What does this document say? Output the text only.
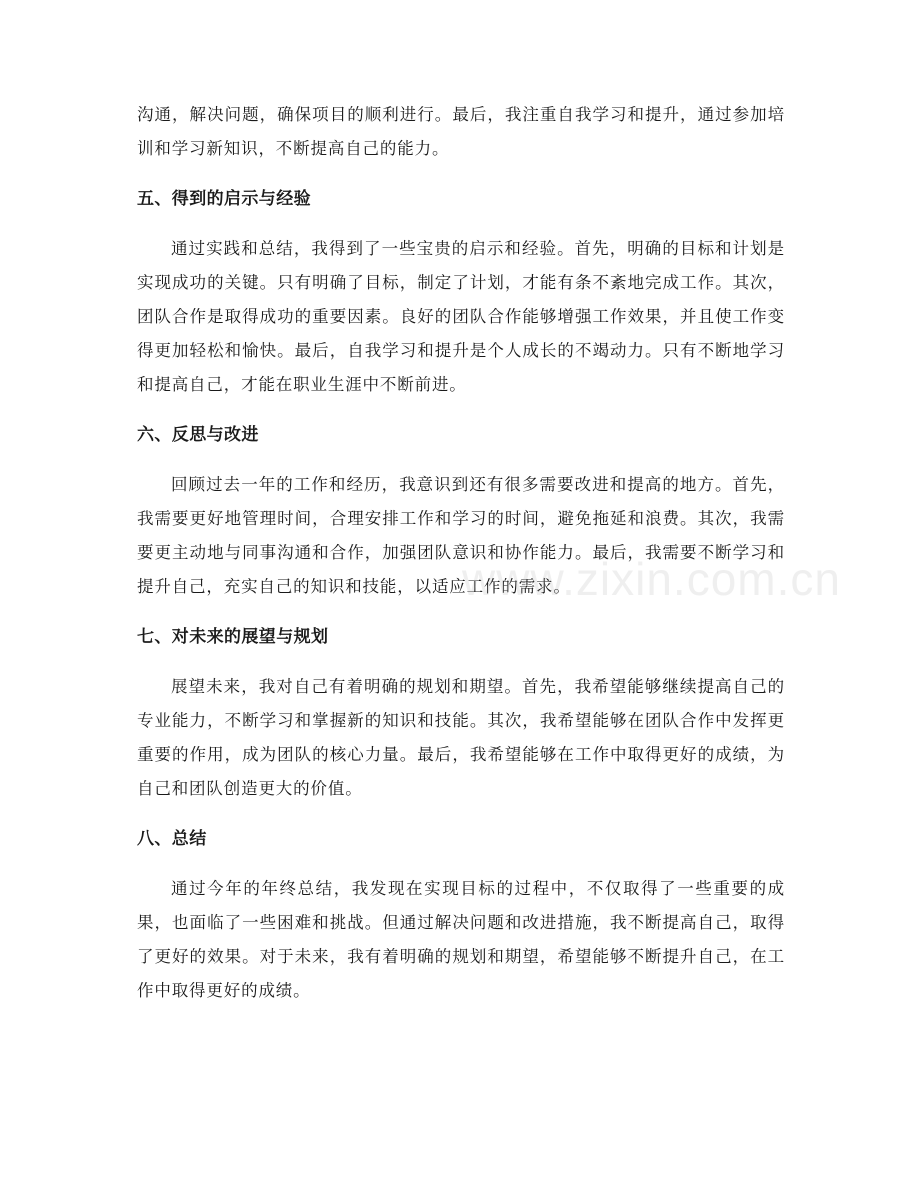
沟通，解决问题，确保项目的顺利进行。最后，我注重自我学习和提升，通过参加培训和学习新知识，不断提高自己的能力。

五、得到的启示与经验

通过实践和总结，我得到了一些宝贵的启示和经验。首先，明确的目标和计划是实现成功的关键。只有明确了目标，制定了计划，才能有条不紊地完成工作。其次，团队合作是取得成功的重要因素。良好的团队合作能够增强工作效果，并且使工作变得更加轻松和愉快。最后，自我学习和提升是个人成长的不竭动力。只有不断地学习和提高自己，才能在职业生涯中不断前进。

六、反思与改进

回顾过去一年的工作和经历，我意识到还有很多需要改进和提高的地方。首先，我需要更好地管理时间，合理安排工作和学习的时间，避免拖延和浪费。其次，我需要更主动地与同事沟通和合作，加强团队意识和协作能力。最后，我需要不断学习和提升自己，充实自己的知识和技能，以适应工作的需求。

七、对未来的展望与规划

展望未来，我对自己有着明确的规划和期望。首先，我希望能够继续提高自己的专业能力，不断学习和掌握新的知识和技能。其次，我希望能够在团队合作中发挥更重要的作用，成为团队的核心力量。最后，我希望能够在工作中取得更好的成绩，为自己和团队创造更大的价值。

八、总结

通过今年的年终总结，我发现在实现目标的过程中，不仅取得了一些重要的成果，也面临了一些困难和挑战。但通过解决问题和改进措施，我不断提高自己，取得了更好的效果。对于未来，我有着明确的规划和期望，希望能够不断提升自己，在工作中取得更好的成绩。

www.zixin.com.cn
